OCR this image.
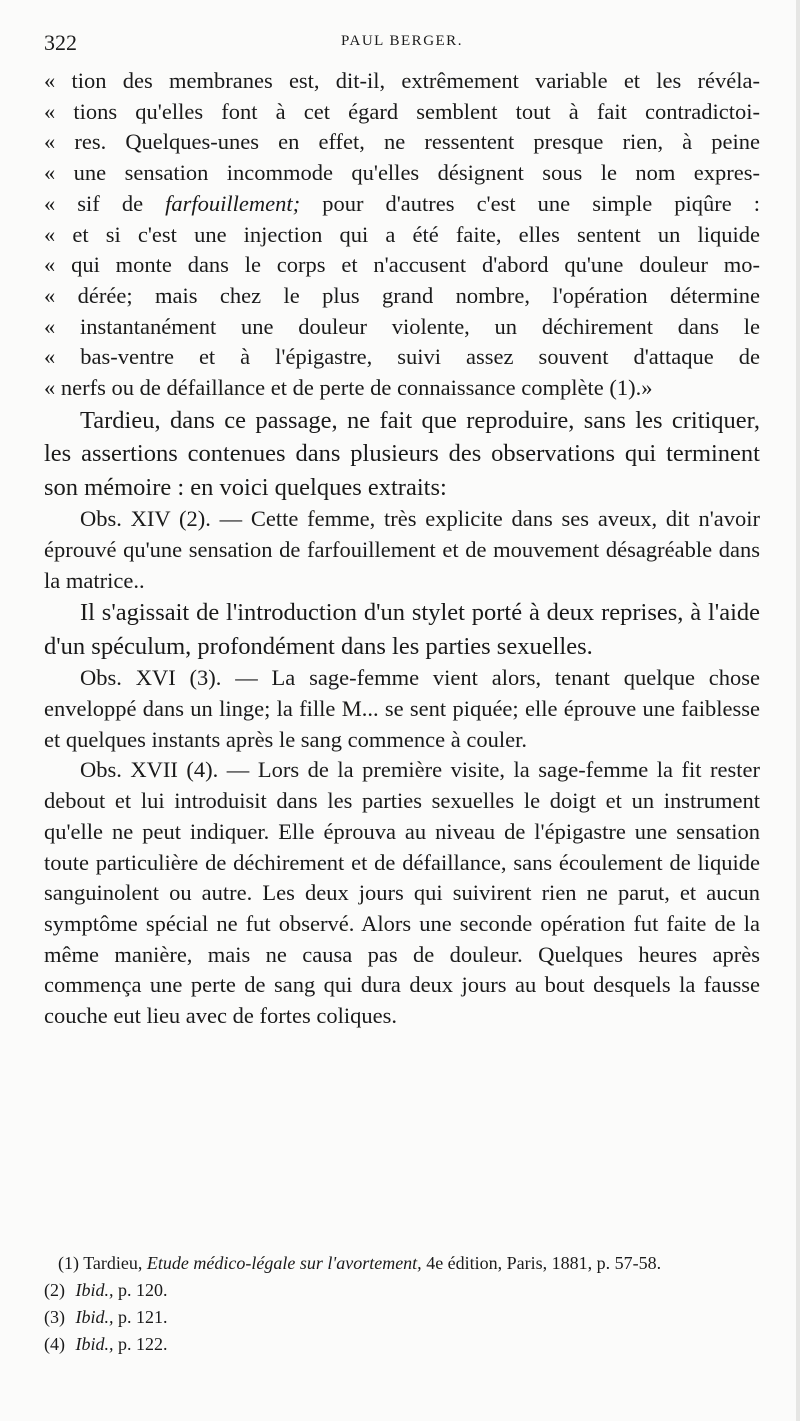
322	PAUL BERGER.
« tion des membranes est, dit-il, extrêmement variable et les révéla-
« tions qu'elles font à cet égard semblent tout à fait contradictoi-
« res. Quelques-unes en effet, ne ressentent presque rien, à peine
« une sensation incommode qu'elles désignent sous le nom expres-
« sif de farfouillement; pour d'autres c'est une simple piqûre :
« et si c'est une injection qui a été faite, elles sentent un liquide
« qui monte dans le corps et n'accusent d'abord qu'une douleur mo-
« dérée; mais chez le plus grand nombre, l'opération détermine
« instantanément une douleur violente, un déchirement dans le
« bas-ventre et à l'épigastre, suivi assez souvent d'attaque de
« nerfs ou de défaillance et de perte de connaissance complète (1).»

Tardieu, dans ce passage, ne fait que reproduire, sans les critiquer, les assertions contenues dans plusieurs des observations qui terminent son mémoire : en voici quelques extraits:

Obs. XIV (2). — Cette femme, très explicite dans ses aveux, dit n'avoir éprouvé qu'une sensation de farfouillement et de mouvement désagréable dans la matrice..

Il s'agissait de l'introduction d'un stylet porté à deux reprises, à l'aide d'un spéculum, profondément dans les parties sexuelles.

Obs. XVI (3). — La sage-femme vient alors, tenant quelque chose enveloppé dans un linge; la fille M... se sent piquée; elle éprouve une faiblesse et quelques instants après le sang commence à couler.

Obs. XVII (4). — Lors de la première visite, la sage-femme la fit rester debout et lui introduisit dans les parties sexuelles le doigt et un instrument qu'elle ne peut indiquer. Elle éprouva au niveau de l'épigastre une sensation toute particulière de déchirement et de défaillance, sans écoulement de liquide sanguinolent ou autre. Les deux jours qui suivirent rien ne parut, et aucun symptôme spécial ne fut observé. Alors une seconde opération fut faite de la même manière, mais ne causa pas de douleur. Quelques heures après commença une perte de sang qui dura deux jours au bout desquels la fausse couche eut lieu avec de fortes coliques.

(1) Tardieu, Etude médico-légale sur l'avortement, 4e édition, Paris, 1881, p. 57-58.

(2) Ibid., p. 120.

(3) Ibid., p. 121.

(4) Ibid., p. 122.
